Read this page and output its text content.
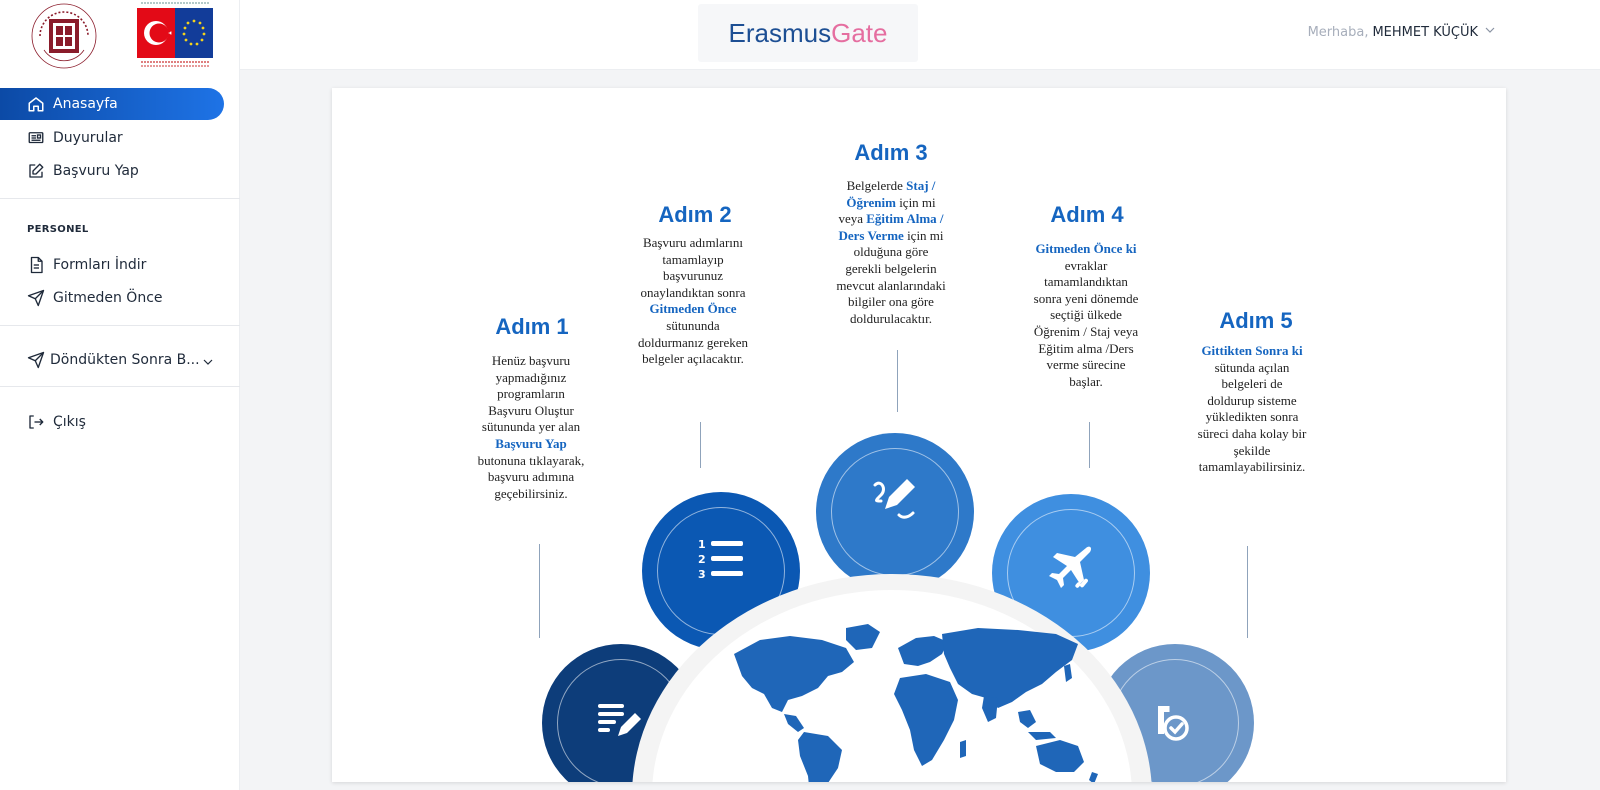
Anasayfa
Duyurular
Başvuru Yap
PERSONEL
Formları İndir
Gitmeden Önce
Döndükten Sonra B...
Çıkış
Erasmus Gate	Merhaba, MEHMET KÜÇÜK
Adım 1
Adım 2
Adım 3
Adım 4
Adım 5
Henüz başvuru yapmadığınız programların Başvuru Oluştur sütununda yer alan Başvuru Yap butonuna tıklayarak, başvuru adımına geçebilirsiniz.
Başvuru adımlarını tamamlayıp başvurunuz onaylandıktan sonra Gitmeden Önce sütununda doldurmanız gereken belgeler açılacaktır.
Belgelerde Staj / Öğrenim için mi veya Eğitim Alma / Ders Verme için mi olduğuna göre gerekli belgelerin mevcut alanlarındaki bilgiler ona göre doldurulacaktır.
Gitmeden Önce ki evraklar tamamlandıktan sonra yeni dönemde seçtiği ülkede Öğrenim / Staj veya Eğitim alma /Ders verme sürecine başlar.
Gittikten Sonra ki sütunda açılan belgeleri de doldurup sisteme yükledikten sonra süreci daha kolay bir şekilde tamamlayabilirsiniz.
1
2
3
